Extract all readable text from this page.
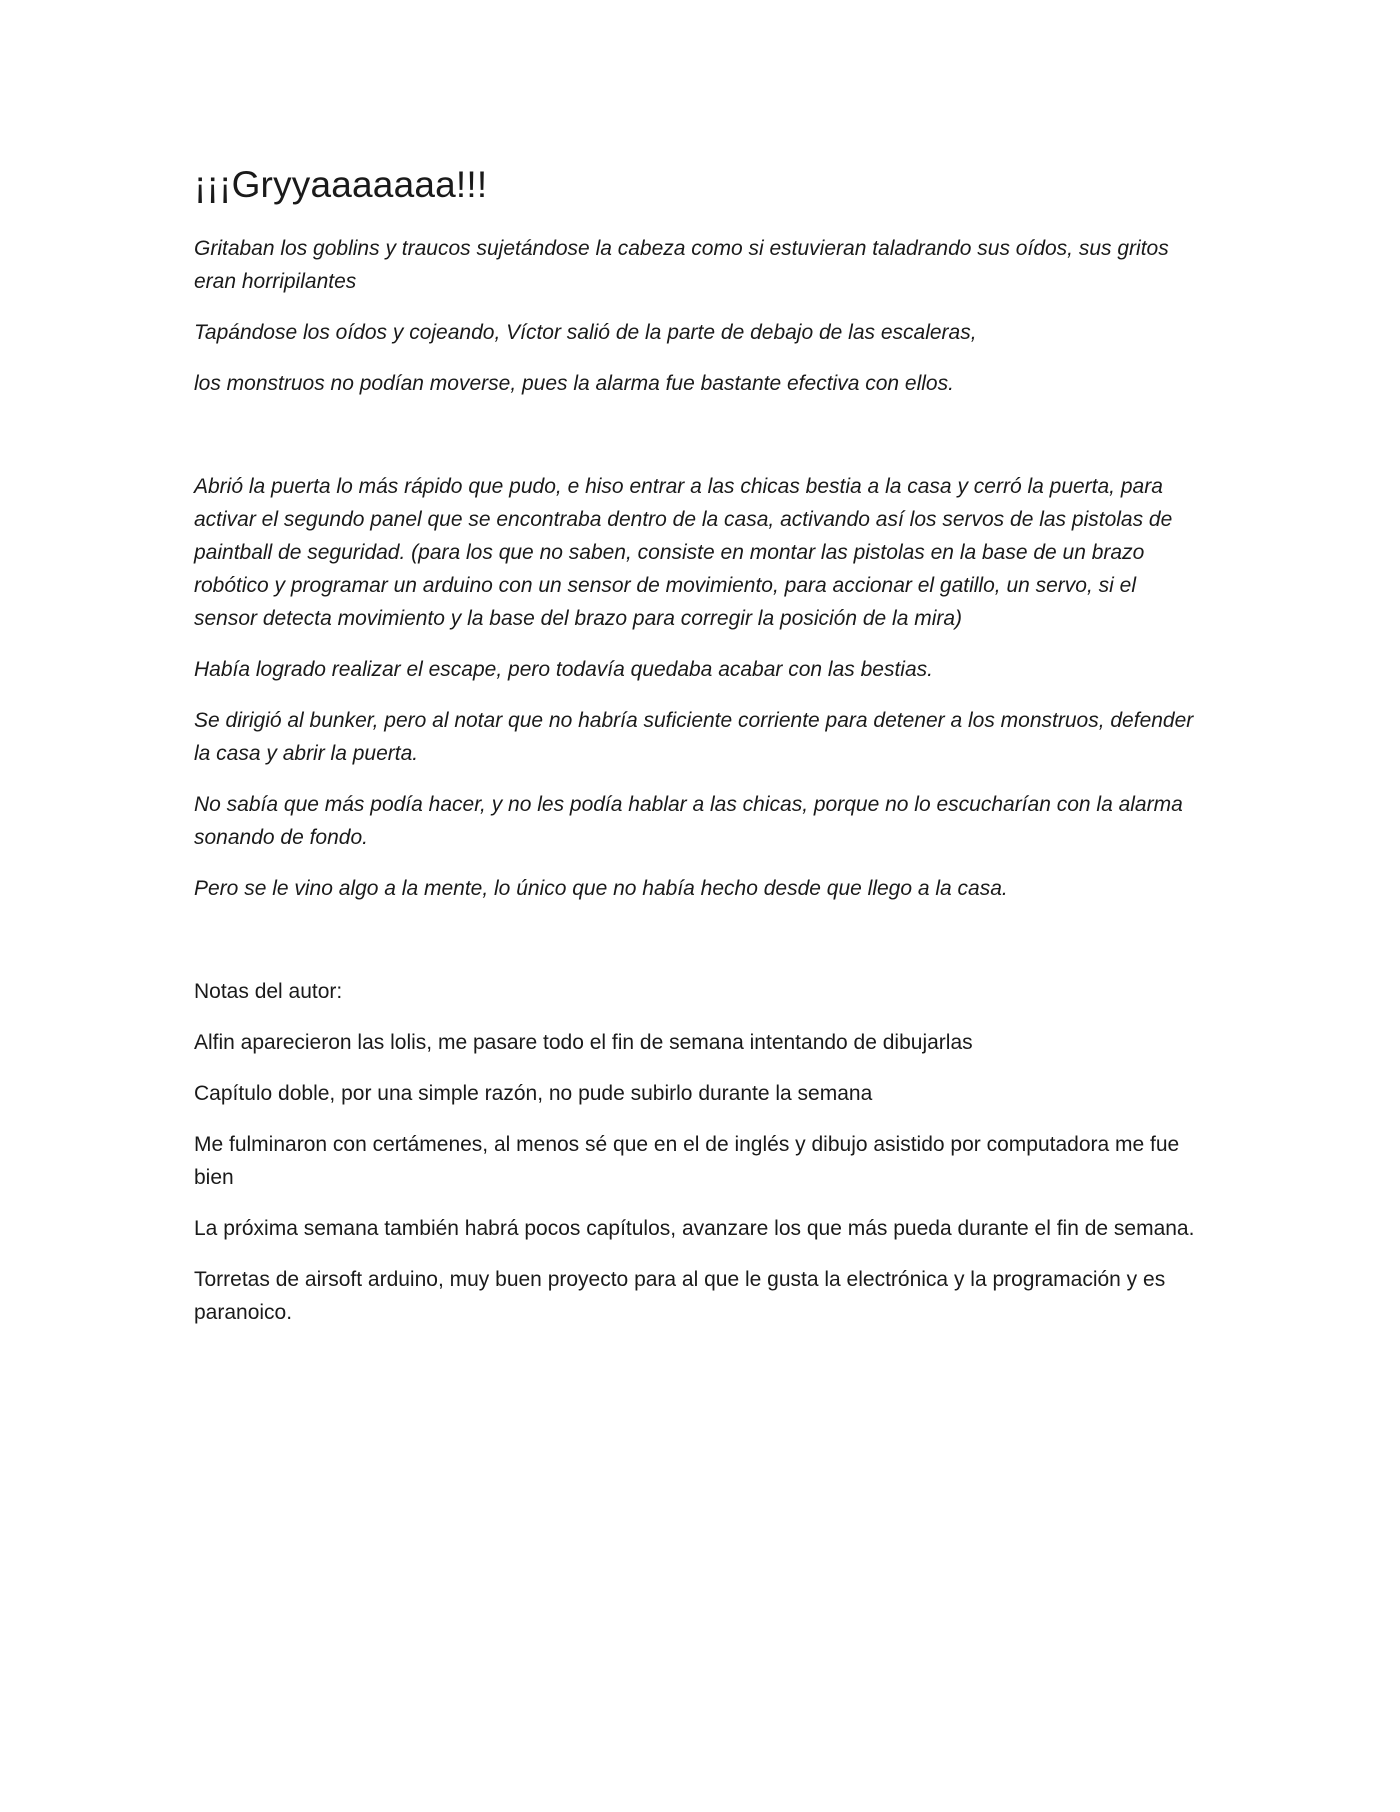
¡¡¡Gryyaaaaaaa!!!

Gritaban los goblins y traucos sujetándose la cabeza como si estuvieran taladrando sus oídos, sus gritos eran horripilantes

Tapándose los oídos y cojeando, Víctor salió de la parte de debajo de las escaleras,

los monstruos no podían moverse, pues la alarma fue bastante efectiva con ellos.

Abrió la puerta lo más rápido que pudo, e hiso entrar a las chicas bestia a la casa y cerró la puerta, para activar el segundo panel que se encontraba dentro de la casa, activando así los servos de las pistolas de paintball de seguridad. (para los que no saben, consiste en montar las pistolas en la base de un brazo robótico y programar un arduino con un sensor de movimiento, para accionar el gatillo, un servo, si el sensor detecta movimiento y la base del brazo para corregir la posición de la mira)

Había logrado realizar el escape, pero todavía quedaba acabar con las bestias.

Se dirigió al bunker, pero al notar que no habría suficiente corriente para detener a los monstruos, defender la casa y abrir la puerta.

No sabía que más podía hacer, y no les podía hablar a las chicas, porque no lo escucharían con la alarma sonando de fondo.

Pero se le vino algo a la mente, lo único que no había hecho desde que llego a la casa.

Notas del autor:

Alfin aparecieron las lolis, me pasare todo el fin de semana intentando de dibujarlas

Capítulo doble, por una simple razón, no pude subirlo durante la semana

Me fulminaron con certámenes, al menos sé que en el de inglés y dibujo asistido por computadora me fue bien

La próxima semana también habrá pocos capítulos, avanzare los que más pueda durante el fin de semana.

Torretas de airsoft arduino, muy buen proyecto para al que le gusta la electrónica y la programación y es paranoico.
